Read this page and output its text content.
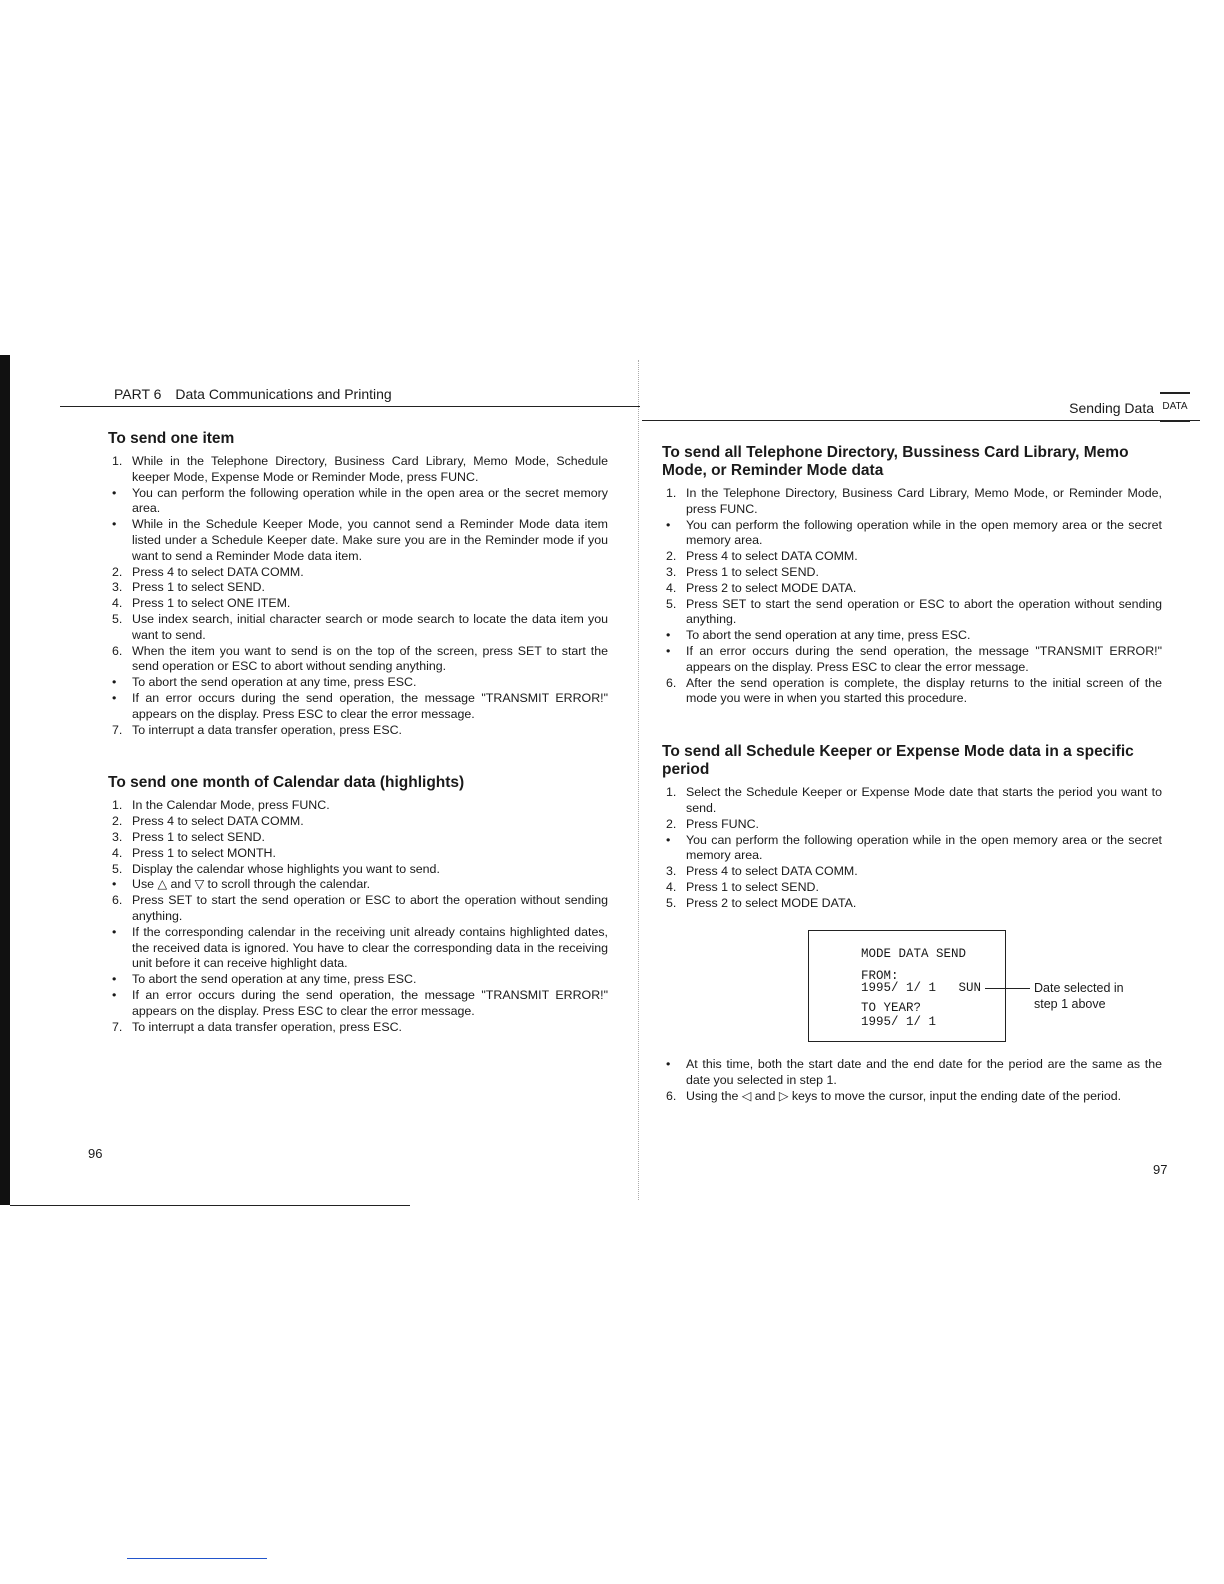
PART 6 Data Communications and Printing
Sending Data DATA
To send one item
1. While in the Telephone Directory, Business Card Library, Memo Mode, Schedule keeper Mode, Expense Mode or Reminder Mode, press FUNC.
•	You can perform the following operation while in the open area or the secret memory area.
•	While in the Schedule Keeper Mode, you cannot send a Reminder Mode data item listed under a Schedule Keeper date. Make sure you are in the Reminder mode if you want to send a Reminder Mode data item.
2. Press 4 to select DATA COMM.
3. Press 1 to select SEND.
4. Press 1 to select ONE ITEM.
5. Use index search, initial character search or mode search to locate the data item you want to send.
6. When the item you want to send is on the top of the screen, press SET to start the send operation or ESC to abort without sending anything.
•	To abort the send operation at any time, press ESC.
•	If an error occurs during the send operation, the message "TRANSMIT ERROR!" appears on the display. Press ESC to clear the error message.
7. To interrupt a data transfer operation, press ESC.
To send one month of Calendar data (highlights)
1. In the Calendar Mode, press FUNC.
2. Press 4 to select DATA COMM.
3. Press 1 to select SEND.
4. Press 1 to select MONTH.
5. Display the calendar whose highlights you want to send.
•	Use △ and ▽ to scroll through the calendar.
6. Press SET to start the send operation or ESC to abort the operation without sending anything.
•	If the corresponding calendar in the receiving unit already contains highlighted dates, the received data is ignored. You have to clear the corresponding data in the receiving unit before it can receive highlight data.
•	To abort the send operation at any time, press ESC.
•	If an error occurs during the send operation, the message "TRANSMIT ERROR!" appears on the display. Press ESC to clear the error message.
7. To interrupt a data transfer operation, press ESC.
To send all Telephone Directory, Bussiness Card Library, Memo Mode, or Reminder Mode data
1. In the Telephone Directory, Business Card Library, Memo Mode, or Reminder Mode, press FUNC.
•	You can perform the following operation while in the open memory area or the secret memory area.
2. Press 4 to select DATA COMM.
3. Press 1 to select SEND.
4. Press 2 to select MODE DATA.
5. Press SET to start the send operation or ESC to abort the operation without sending anything.
•	To abort the send operation at any time, press ESC.
•	If an error occurs during the send operation, the message "TRANSMIT ERROR!" appears on the display. Press ESC to clear the error message.
6. After the send operation is complete, the display returns to the initial screen of the mode you were in when you started this procedure.
To send all Schedule Keeper or Expense Mode data in a specific period
1. Select the Schedule Keeper or Expense Mode date that starts the period you want to send.
2. Press FUNC.
•	You can perform the following operation while in the open memory area or the secret memory area.
3. Press 4 to select DATA COMM.
4. Press 1 to select SEND.
5. Press 2 to select MODE DATA.
MODE DATA SEND
FROM:
1995/ 1/ 1   SUN
TO YEAR?
1995/ 1/ 1
Date selected in
step 1 above
•	At this time, both the start date and the end date for the period are the same as the date you selected in step 1.
6. Using the ◁ and ▷ keys to move the cursor, input the ending date of the period.
96
97
